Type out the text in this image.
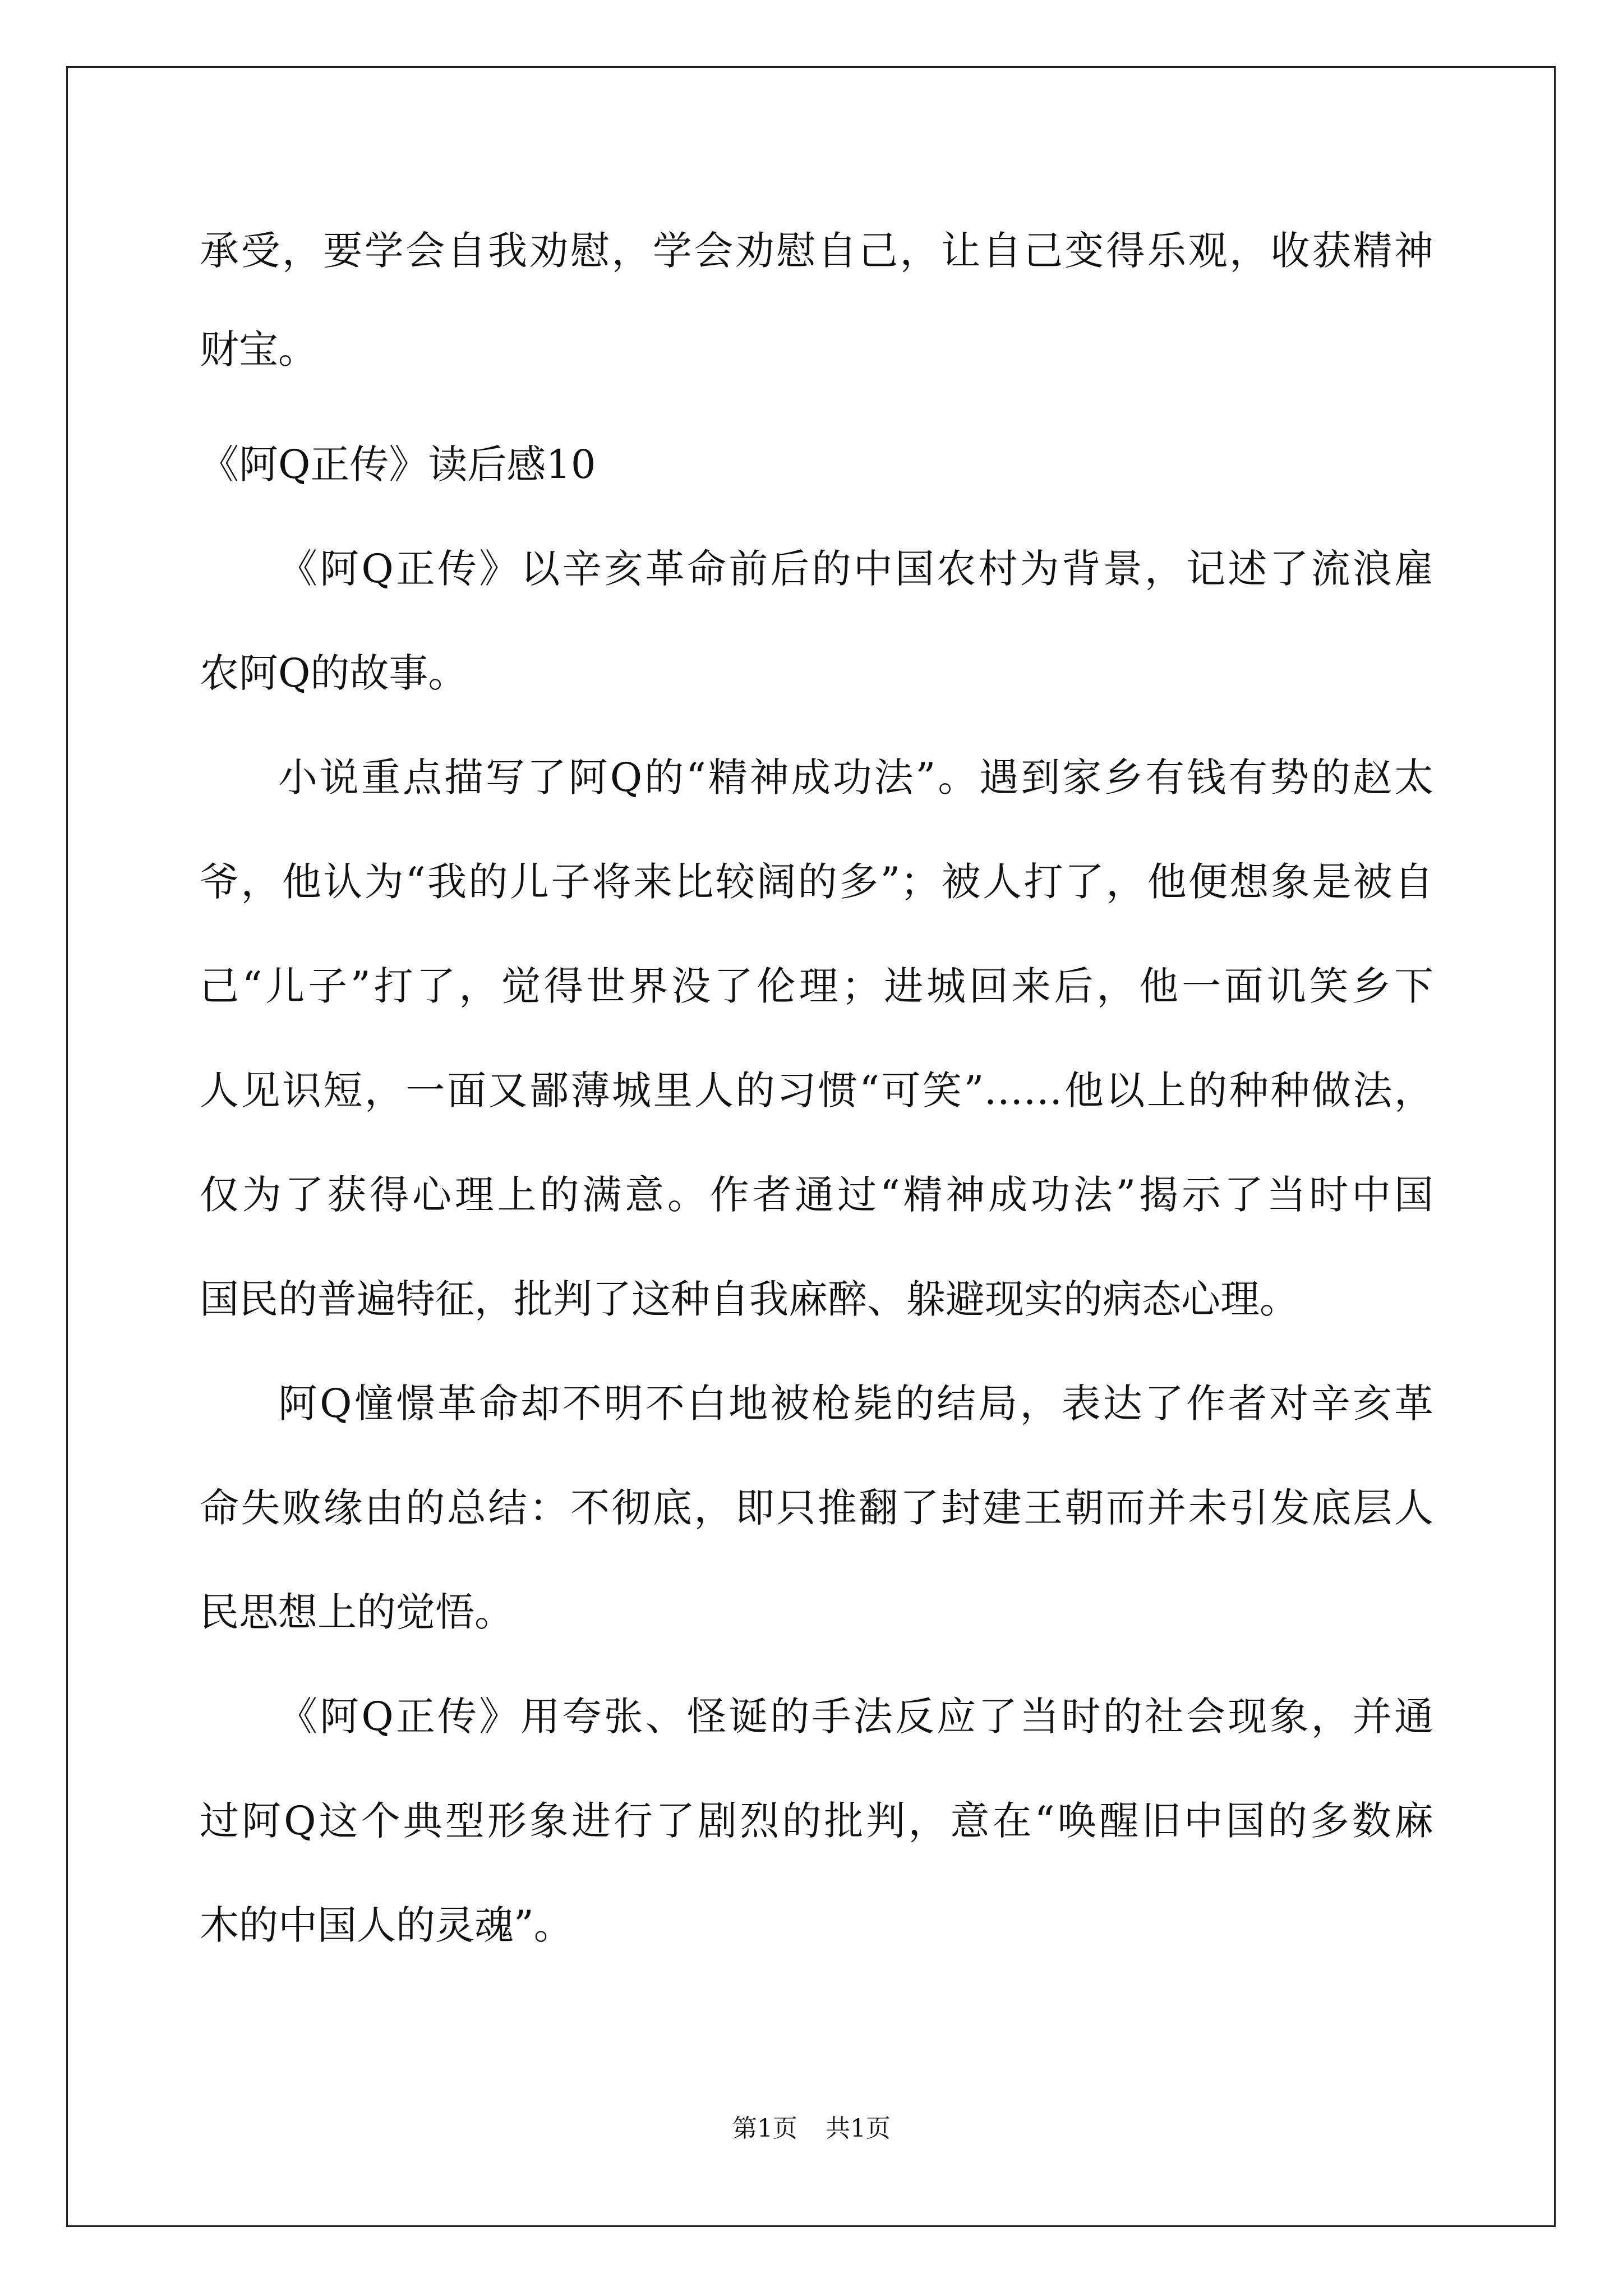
承受，要学会自我劝慰，学会劝慰自己，让自己变得乐观，收获精神

财宝。

《阿Q正传》读后感10

《阿Q正传》以辛亥革命前后的中国农村为背景，记述了流浪雇

农阿Q的故事。

小说重点描写了阿Q的“精神成功法”。遇到家乡有钱有势的赵太

爷，他认为“我的儿子将来比较阔的多”；被人打了，他便想象是被自

己“儿子”打了，觉得世界没了伦理；进城回来后，他一面讥笑乡下

人见识短，一面又鄙薄城里人的习惯“可笑”……他以上的种种做法，

仅为了获得心理上的满意。作者通过“精神成功法”揭示了当时中国

国民的普遍特征，批判了这种自我麻醉、躲避现实的病态心理。

阿Q憧憬革命却不明不白地被枪毙的结局，表达了作者对辛亥革

命失败缘由的总结：不彻底，即只推翻了封建王朝而并未引发底层人

民思想上的觉悟。

《阿Q正传》用夸张、怪诞的手法反应了当时的社会现象，并通

过阿Q这个典型形象进行了剧烈的批判，意在“唤醒旧中国的多数麻

木的中国人的灵魂”。

第1页 共1页
